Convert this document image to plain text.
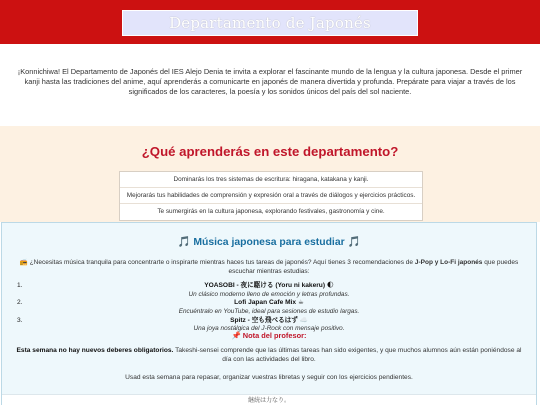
Departamento de Japonés
¡Konnichiwa! El Departamento de Japonés del IES Alejo Denia te invita a explorar el fascinante mundo de la lengua y la cultura japonesa. Desde el primer kanji hasta las tradiciones del anime, aquí aprenderás a comunicarte en japonés de manera divertida y profunda. Prepárate para viajar a través de los significados de los caracteres, la poesía y los sonidos únicos del país del sol naciente.
¿Qué aprenderás en este departamento?
Dominarás los tres sistemas de escritura: hiragana, katakana y kanji.
Mejorarás tus habilidades de comprensión y expresión oral a través de diálogos y ejercicios prácticos.
Te sumergirás en la cultura japonesa, explorando festivales, gastronomía y cine.
🎵 Música japonesa para estudiar 🎵
📻 ¿Necesitas música tranquila para concentrarte o inspirarte mientras haces tus tareas de japonés? Aquí tienes 3 recomendaciones de J-Pop y Lo-Fi japonés que puedes escuchar mientras estudias:
1.	YOASOBI - 夜に駆ける (Yoru ni kakeru) 🌓
Un clásico moderno lleno de emoción y letras profundas.
2.	Lofi Japan Cafe Mix ☕
Encuéntralo en YouTube, ideal para sesiones de estudio largas.
3.	Spitz - 空も飛べるはず ☁️
Una joya nostálgica del J-Rock con mensaje positivo.
📌 Nota del profesor:
Esta semana no hay nuevos deberes obligatorios. Takeshi-sensei comprende que las últimas tareas han sido exigentes, y que muchos alumnos aún están poniéndose al día con las actividades del libro.
Usad esta semana para repasar, organizar vuestras libretas y seguir con los ejercicios pendientes.
継続は力なり。
